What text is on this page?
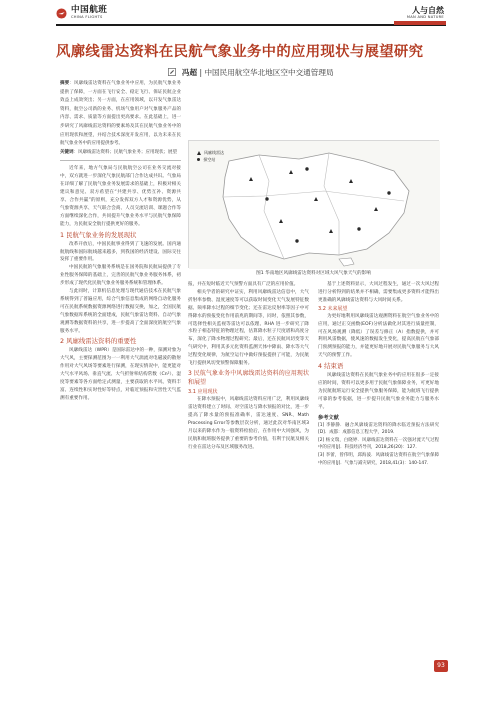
中国航班
CHINA FLIGHTS
人与自然
MAN AND NATURE
风廓线雷达资料在民航气象业务中的应用现状与展望研究
冯超 | 中国民用航空华北地区空中交通管理局
摘要：风廓线雷达资料在气象业务中应用，为民航气象业务提供了保障，一方面在飞行安全、稳定飞行、保证民航企业效益上成效突出；另一方面，在应用领域，以开发气象雷达资料，航空公司新的业务、机场气象用户对气象服务产品的内容、需求、质量等方面提出更高要求。在此基础上，进一步研究了风廓线雷达资料的要素场及其在民航气象业务中的应用现状和展望，并结合技术深度开发应用，以为未来在民航气象业务中的应用提供参考。
关键词：风廓线雷达资料；民航气象业务；应用现状；展望

近年来，地方气象局与民航航空公司在业务交流对接中，双方就进一步深化气象民航部门合作达成共识。气象局在详细了解了民航气象业务发展需求的基础上，积极对相关建议和意见、双方希望在“共建共享、优势互补、资源共享、合作共赢”的原则，充分发挥双方人才和资源优势，从气象资源共享、天气联合会商、人员交流培训、课题合作等方面继续深化合作，共同提升气象业务水平与民航气象保障能力，为民航安全航行提供更好的服务。

1 民航气象业务的发展现状

改革开放后，中国民航事业得到了飞速的发展。国内通航航线和国际航线越来越多，到我国的经济建设、国际交往发挥了重要作用。

中国民航的气象服务系统是在国务院和民航局提供了专业性服务保障的基础上，完善的民航气象业务服务体系，初步形成了现代化民航气象业务服务系统和管理体系。

与此同时，计算机信息处理与现代通信技术在民航气象系统得到了普遍应用，综合气象信息集成的网络自动化服务可在民航系统数据资源网络进行数据交换，加之，全国民航气象数据库系统的全面建成，民航气象雷达资料、自动气象观测等数据资料的共享，进一步提高了全面深度的航空气象服务水平。

2 风廓线雷达资料的重要性

风廓线雷达（WPR）是国际雷达中的一种，探测对象为大气风，主要探测范围为一一利用大气湍流对电磁波的散射作用对大气风场等要素进行探测，在现实情况中，能更能对大气水平风场、垂直气流、大气折射率结构常数（Cn²）、湿度等要素等各方面给定式测量，主要获取的水平风、资料丰富、连续性和实时性好等特点，对临近预报和灾害性天气监测有重要作用。

风廓线雷达
探空站
图1 华南地区风廓线雷达资料对区域大风气象天气的影响

报，并在短时临近天气预警方面具有广泛的应用价值。

相关学者的研究中证实，利用风廓线雷达信息中，大气折射率参数、湿度速度等可以获取时间变化天气发展特征数据、频率降水过程的细节变化；还在雷达反射率等因子中可得降水的预报变化作用前兆的期间等，同时，依照其参数，可选择性相关监视等雷达可以依理、RHA 进一步研究了降水粒子相态特征的物理过程，估算降水粒子尺度谱和高度分布，深化了降水物理过程研究；最后，还在民航风切变等天气研究中，利用其多元化资料监测天体中降雨、降水等大气过程变化规律，为航空运行中做好预报提供了可能，为民航飞行提供风切变预警保障服务。

3 民航气象业务中风廓线雷达资料的应用现状和展望
3.1 应用现状

在降水预报中，风廓线雷达资料应用广泛，利用风廓线雷达资料建立了时间、对空雷达与降水预报的对比，进一步提高了降水量的预报准确率，雷达速度、SNR、Math Processing Error等参数层次分析，通过此次对华南区域3月以来的降水作为一般资料检验后，在作用中大风强风，为民航和航班服务提供了重要的参考价值，有利于民航及相关行业在雷达分布及区域服务改进。

基于上述资料显示，大风过程发生，通过一次大风过程进行分析得到的结果并不相确，需要集成更多资料才能得出更准确的风廓线雷达资料与大风时间关系。

3.2 未来展望

为更好地利用风廓线雷达观测资料在航空气象业务中的应用，通过正交函数(EOF)分析法做化对其进行质量控制，可在风场观测（降低）了误差与修正（A）指数提供，并可利用风雷数据，使风速的数据发生变化，提高民航在气象部门预测预报的能力，并能更好地开展对民航气象服务与大风天气的预警工作。

4 结束语

风廓线雷达资料在民航气象业务中的应用在很多一定接应的时间，资料可以更多用于民航气象保障业务，可更好地为民航航班运行安全提供气象服务保障，能为航班飞行提供可靠的参考依据，进一步提升民航气象业务能力与服务水平。

参考文献

[1] 李静静．融合风廓线雷达资料的降水临近预报方法研究[D]．成都：成都信息工程大学，2019．

[2] 杨文瑞，白晓婷．风廓线雷达资料在一次强对流天气过程中的应用[J]．科技经济导刊，2018,26(20)：127．

[3] 李蕾，曾伟明，邱海波．风廓线雷达资料在航空气象保障中的应用[J]．气象与减灾研究，2018,41(3)：140-147．

93
